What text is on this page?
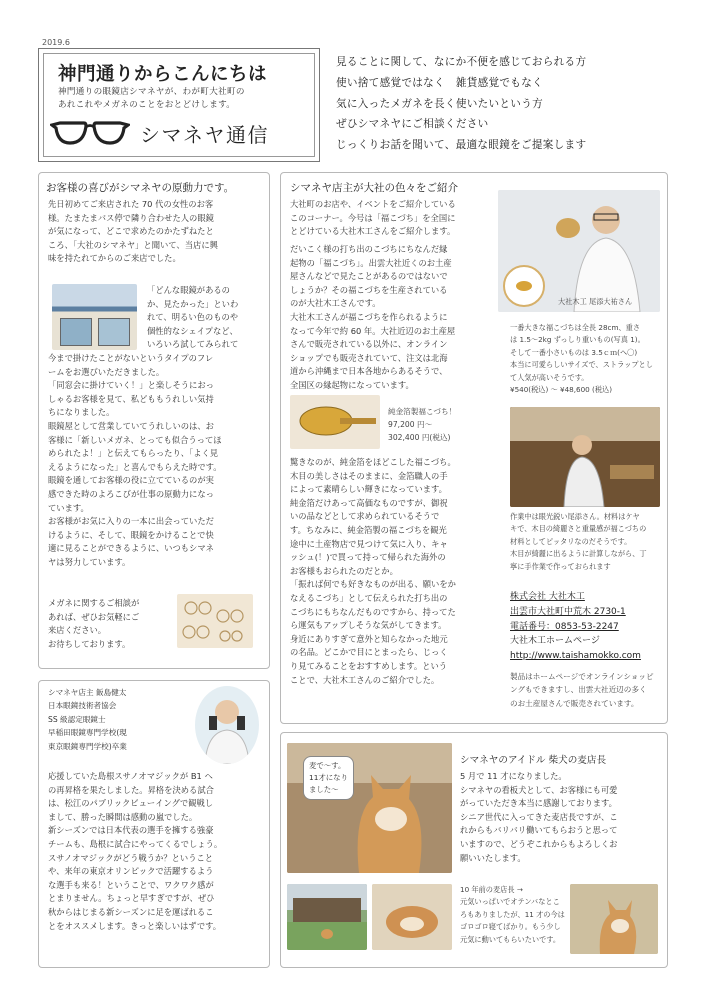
2019.6
神門通りからこんにちは

神門通りの眼鏡店シマネヤが、わが町大社町の

あれこれやメガネのことをおとどけします。

シマネヤ通信

見ることに関して、なにか不便を感じておられる方

使い捨て感覚ではなく　雑貨感覚でもなく

気に入ったメガネを長く使いたいという方

ぜひシマネヤにご相談ください

じっくりお話を聞いて、最適な眼鏡をご提案します

お客様の喜びがシマネヤの原動力です。

先日初めてご来店された 70 代の女性のお客

様。たまたまバス停で隣り合わせた人の眼鏡

が気になって、どこで求めたのかたずねたと

ころ、「大社のシマネヤ」と聞いて、当店に興

味を持たれてからのご来店でした。

「どんな眼鏡があるの

か、見たかった」といわ

れて、明るい色のものや

個性的なシェイプなど、

いろいろ試してみられて

今まで掛けたことがないというタイプのフレ

ームをお選びいただきました。

「同窓会に掛けていく！」と楽しそうにおっ

しゃるお客様を見て、私どももうれしい気持

ちになりました。

眼鏡屋として営業していてうれしいのは、お

客様に「新しいメガネ、とっても似合うってほ

められたよ！」と伝えてもらったり、「よく見

えるようになった」と喜んでもらえた時です。

眼鏡を通してお客様の役に立てているのが実

感できた時のよろこびが仕事の原動力になっ

ています。

お客様がお気に入りの一本に出会っていただ

けるように、そして、眼鏡をかけることで快

適に見ることができるように、いつもシマネ

ヤは努力しています。

メガネに関するご相談が

あれば、ぜひお気軽にご

来店ください。

お待ちしております。

シマネヤ店主 飯島健太

日本眼鏡技術者協会

SS 級認定眼鏡士

早稲田眼鏡専門学校(現

東京眼鏡専門学校)卒業

応援していた島根スサノオマジックが B1 へ

の再昇格を果たしました。昇格を決める試合

は、松江のパブリックビューイングで観戦し

まして、勝った瞬間は感動の嵐でした。

新シーズンでは日本代表の選手を擁する強豪

チームも、島根に試合にやってくるでしょう。

スサノオマジックがどう戦うか？ということ

や、来年の東京オリンピックで活躍するよう

な選手も来る！ということで、ワクワク感が

とまりません。ちょっと早すぎですが、ぜひ

秋からはじまる新シーズンに足を運ばれるこ

とをオススメします。きっと楽しいはずです。

シマネヤ店主が大社の色々をご紹介

大社町のお店や、イベントをご紹介している

このコーナー。今号は「福こづち」を全国に

とどけている大社木工さんをご紹介します。

だいこく様の打ち出のこづちにちなんだ縁

起物の「福こづち」。出雲大社近くのお土産

屋さんなどで見たことがあるのではないで

しょうか？その福こづちを生産されている

のが大社木工さんです。

大社木工さんが福こづちを作られるように

なって今年で約 60 年。大社近辺のお土産屋

さんで販売されている以外に、オンライン

ショップでも販売されていて、注文は北海

道から沖縄まで日本各地からあるそうで、

全国区の縁起物になっています。

純金箔製福こづち！

97,200 円～

302,400 円(税込)

驚きなのが、純金箔をほどこした福こづち。

木目の美しさはそのままに、金箔職人の手

によって素晴らしい輝きになっています。

純金箔だけあって高価なものですが、御祝

いの品などとして求められているそうで

す。ちなみに、純金箔製の福こづちを観光

途中に土産物店で見つけて気に入り、キャ

ッシュ(！)で買って持って帰られた海外の

お客様もおられたのだとか。

「振れば何でも好きなものが出る、願いをか

なえるこづち」として伝えられた打ち出の

こづちにもちなんだものですから、持ってた

ら運気もアップしそうな気がしてきます。

身近にありすぎて意外と知らなかった地元

の名品。どこかで目にとまったら、じっく

り見てみることをおすすめします。という

ことで、大社木工さんのご紹介でした。

大社木工 尾添大祐さん

一番大きな福こづちは全長 28cm、重さ

は 1.5～2kg ずっしり重いもの(写真 1)。

そして一番小さいものは 3.5ｃｍ(へ〇)

本当に可愛らしいサイズで、ストラップとし

て人気が高いそうです。

¥540(税込) ～ ¥48,600 (税込)

作業中は眼光鋭い尾添さん。材料はケヤ

キで、木目の綺麗さと重量感が福こづちの

材料としてピッタリなのだそうです。

木目が綺麗に出るように計算しながら、丁

寧に手作業で作っておられます

株式会社 大社木工
出雲市大社町中荒木 2730-1
電話番号：0853-53-2247
大社木工ホームページ
http://www.taishamokko.com

製品はホームページでオンラインショッピ

ングもできますし、出雲大社近辺の多く

のお土産屋さんで販売されています。

麦で～す。

11才になり

ました～

シマネヤのアイドル 柴犬の麦店長

5 月で 11 才になりました。

シマネヤの看板犬として、お客様にも可愛

がっていただき本当に感謝しております。

シニア世代に入ってきた麦店長ですが、こ

れからもバリバリ働いてもらおうと思って

いますので、どうぞこれからもよろしくお

願いいたします。

10 年前の麦店長 →

元気いっぱいでオテンバなとこ

ろもありましたが、11 才の今は

ゴロゴロ寝てばかり。もう少し

元気に動いてもらいたいです。
